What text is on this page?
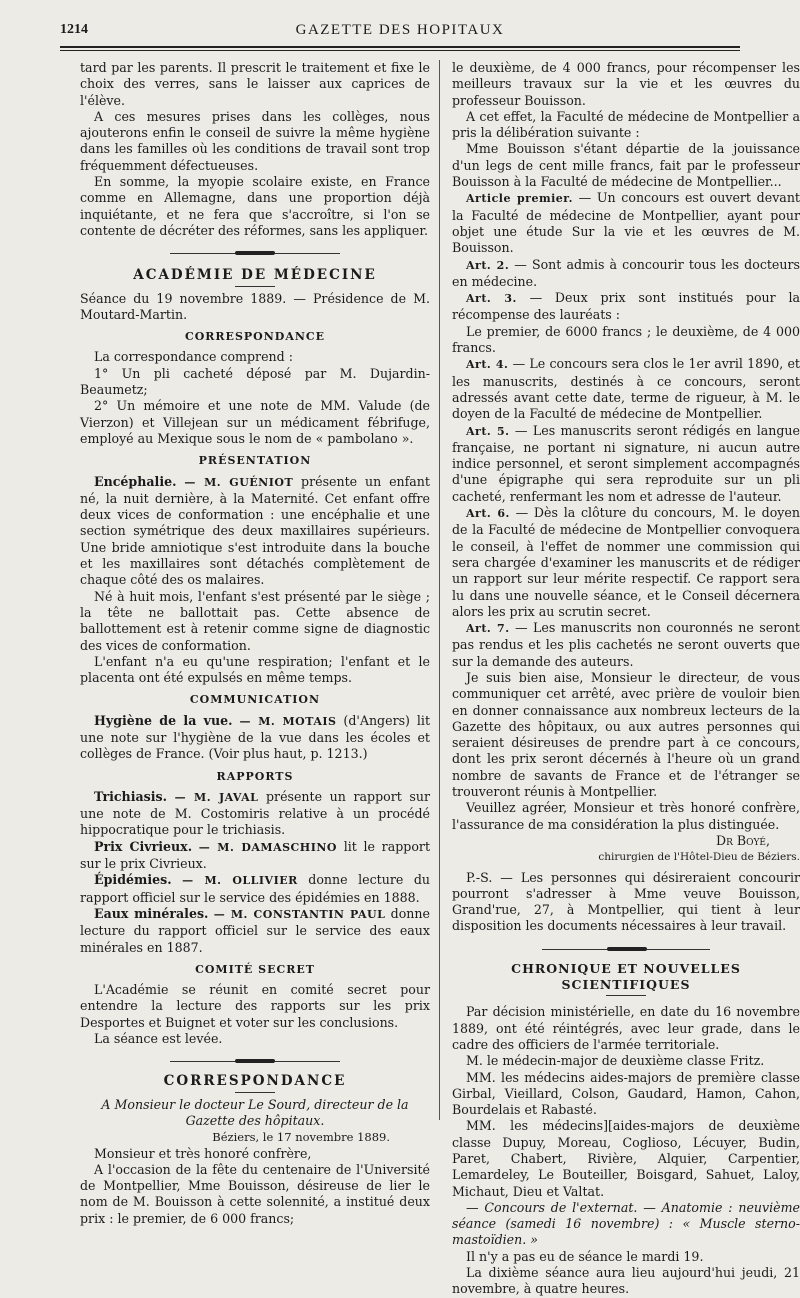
1214	GAZETTE DES HOPITAUX

tard par les parents. Il prescrit le traitement et fixe le choix des verres, sans le laisser aux caprices de l'élève.

A ces mesures prises dans les collèges, nous ajouterons enfin le conseil de suivre la même hygiène dans les familles où les conditions de travail sont trop fréquemment défectueuses.

En somme, la myopie scolaire existe, en France comme en Allemagne, dans une proportion déjà inquiétante, et ne fera que s'accroître, si l'on se contente de décréter des réformes, sans les appliquer.

ACADÉMIE DE MÉDECINE

Séance du 19 novembre 1889. — Présidence de M. Moutard-Martin.

CORRESPONDANCE

La correspondance comprend :

1° Un pli cacheté déposé par M. Dujardin-Beaumetz;

2° Un mémoire et une note de MM. Valude (de Vierzon) et Villejean sur un médicament fébrifuge, employé au Mexique sous le nom de « pambolano ».

PRÉSENTATION

Encéphalie. — M. GUÉNIOT présente un enfant né, la nuit dernière, à la Maternité. Cet enfant offre deux vices de conformation : une encéphalie et une section symétrique des deux maxillaires supérieurs. Une bride amniotique s'est introduite dans la bouche et les maxillaires sont détachés complètement de chaque côté des os malaires.

Né à huit mois, l'enfant s'est présenté par le siège ; la tête ne ballottait pas. Cette absence de ballottement est à retenir comme signe de diagnostic des vices de conformation.

L'enfant n'a eu qu'une respiration; l'enfant et le placenta ont été expulsés en même temps.

COMMUNICATION

Hygiène de la vue. — M. MOTAIS (d'Angers) lit une note sur l'hygiène de la vue dans les écoles et collèges de France. (Voir plus haut, p. 1213.)

RAPPORTS

Trichiasis. — M. JAVAL présente un rapport sur une note de M. Costomiris relative à un procédé hippocratique pour le trichiasis.

Prix Civrieux. — M. DAMASCHINO lit le rapport sur le prix Civrieux.

Épidémies. — M. OLLIVIER donne lecture du rapport officiel sur le service des épidémies en 1888.

Eaux minérales. — M. CONSTANTIN PAUL donne lecture du rapport officiel sur le service des eaux minérales en 1887.

COMITÉ SECRET

L'Académie se réunit en comité secret pour entendre la lecture des rapports sur les prix Desportes et Buignet et voter sur les conclusions.

La séance est levée.

CORRESPONDANCE

A Monsieur le docteur Le Sourd, directeur de la Gazette des hôpitaux.

Béziers, le 17 novembre 1889.

Monsieur et très honoré confrère,

A l'occasion de la fête du centenaire de l'Université de Montpellier, Mme Bouisson, désireuse de lier le nom de M. Bouisson à cette solennité, a institué deux prix : le premier, de 6 000 francs;

le deuxième, de 4 000 francs, pour récompenser les meilleurs travaux sur la vie et les œuvres du professeur Bouisson.

A cet effet, la Faculté de médecine de Montpellier a pris la délibération suivante :

Mme Bouisson s'étant départie de la jouissance d'un legs de cent mille francs, fait par le professeur Bouisson à la Faculté de médecine de Montpellier...

Article premier. — Un concours est ouvert devant la Faculté de médecine de Montpellier, ayant pour objet une étude Sur la vie et les œuvres de M. Bouisson.

Art. 2. — Sont admis à concourir tous les docteurs en médecine.

Art. 3. — Deux prix sont institués pour la récompense des lauréats :

Le premier, de 6000 francs ; le deuxième, de 4 000 francs.

Art. 4. — Le concours sera clos le 1er avril 1890, et les manuscrits, destinés à ce concours, seront adressés avant cette date, terme de rigueur, à M. le doyen de la Faculté de médecine de Montpellier.

Art. 5. — Les manuscrits seront rédigés en langue française, ne portant ni signature, ni aucun autre indice personnel, et seront simplement accompagnés d'une épigraphe qui sera reproduite sur un pli cacheté, renfermant les nom et adresse de l'auteur.

Art. 6. — Dès la clôture du concours, M. le doyen de la Faculté de médecine de Montpellier convoquera le conseil, à l'effet de nommer une commission qui sera chargée d'examiner les manuscrits et de rédiger un rapport sur leur mérite respectif. Ce rapport sera lu dans une nouvelle séance, et le Conseil décernera alors les prix au scrutin secret.

Art. 7. — Les manuscrits non couronnés ne seront pas rendus et les plis cachetés ne seront ouverts que sur la demande des auteurs.

Je suis bien aise, Monsieur le directeur, de vous communiquer cet arrêté, avec prière de vouloir bien en donner connaissance aux nombreux lecteurs de la Gazette des hôpitaux, ou aux autres personnes qui seraient désireuses de prendre part à ce concours, dont les prix seront décernés à l'heure où un grand nombre de savants de France et de l'étranger se trouveront réunis à Montpellier.

Veuillez agréer, Monsieur et très honoré confrère, l'assurance de ma considération la plus distinguée.

Dr Boyé,

chirurgien de l'Hôtel-Dieu de Béziers.

P.-S. — Les personnes qui désireraient concourir pourront s'adresser à Mme veuve Bouisson, Grand'rue, 27, à Montpellier, qui tient à leur disposition les documents nécessaires à leur travail.

CHRONIQUE ET NOUVELLES SCIENTIFIQUES

Par décision ministérielle, en date du 16 novembre 1889, ont été réintégrés, avec leur grade, dans le cadre des officiers de l'armée territoriale.

M. le médecin-major de deuxième classe Fritz.

MM. les médecins aides-majors de première classe Girbal, Vieillard, Colson, Gaudard, Hamon, Cahon, Bourdelais et Rabasté.

MM. les médecins][aides-majors de deuxième classe Dupuy, Moreau, Coglioso, Lécuyer, Budin, Paret, Chabert, Rivière, Alquier, Carpentier, Lemardeley, Le Bouteiller, Boisgard, Sahuet, Laloy, Michaut, Dieu et Valtat.

— Concours de l'externat. — Anatomie : neuvième séance (samedi 16 novembre) : « Muscle sterno-mastoïdien. »

Il n'y a pas eu de séance le mardi 19.

La dixième séance aura lieu aujourd'hui jeudi, 21 novembre, à quatre heures.
